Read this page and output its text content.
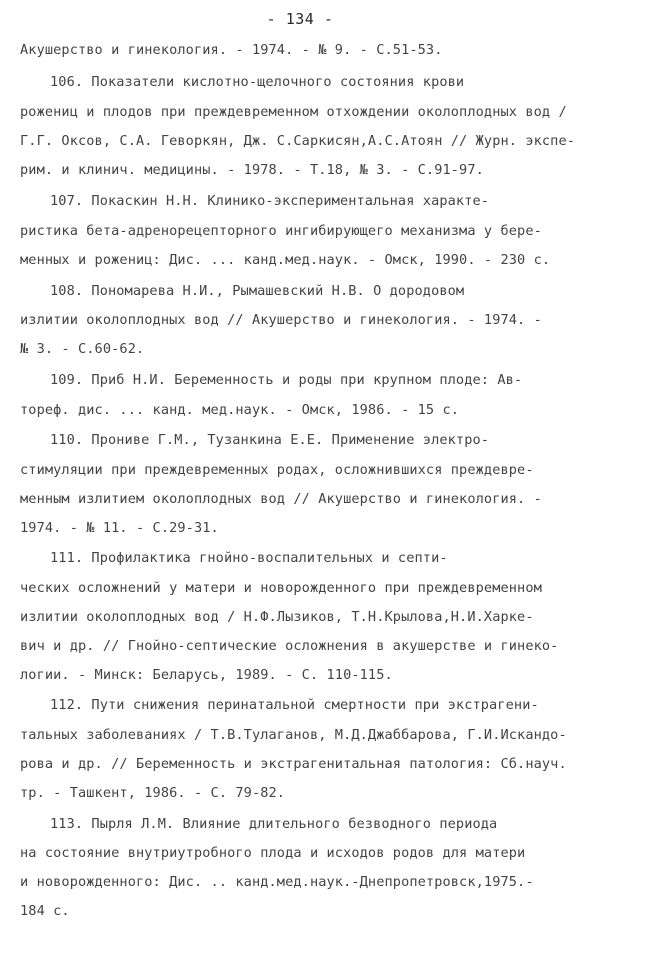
- 134 -
Акушерство и гинекология. - 1974. - № 9. - С.51-53.
106. Показатели кислотно-щелочного состояния крови
рожениц и плодов при преждевременном отхождении околоплодных вод /
Г.Г. Оксов, С.А. Геворкян, Дж. С.Саркисян,А.С.Атоян // Журн. экспе-
рим. и клинич. медицины. - 1978. - Т.18, № 3. - С.91-97.
107. Покаскин Н.Н. Клинико-экспериментальная характе-
ристика бета-адренорецепторного ингибирующего механизма у бере-
менных и рожениц: Дис. ... канд.мед.наук. - Омск, 1990. - 230 с.
108. Пономарева Н.И., Рымашевский Н.В. О дородовом
излитии околоплодных вод // Акушерство и гинекология. - 1974. -
№ 3. - С.60-62.
109. Приб Н.И. Беременность и роды при крупном плоде: Ав-
тореф. дис. ... канд. мед.наук. - Омск, 1986. - 15 с.
110. Прониве Г.М., Тузанкина Е.Е. Применение электро-
стимуляции при преждевременных родах, осложнившихся преждевре-
менным излитием околоплодных вод // Акушерство и гинекология. -
1974. - № 11. - С.29-31.
111. Профилактика гнойно-воспалительных и септи-
ческих осложнений у матери и новорожденного при преждевременном
излитии околоплодных вод / Н.Ф.Лызиков, Т.Н.Крылова,Н.И.Харке-
вич и др. // Гнойно-септические осложнения в акушерстве и гинеко-
логии. - Минск: Беларусь, 1989. - С. 110-115.
112. Пути снижения перинатальной смертности при экстрагени-
тальных заболеваниях / Т.В.Тулаганов, М.Д.Джаббарова, Г.И.Искандо-
рова и др. // Беременность и экстрагенитальная патология: Сб.науч.
тр. - Ташкент, 1986. - С. 79-82.
113. Пырля Л.М. Влияние длительного безводного периода
на состояние внутриутробного плода и исходов родов для матери
и новорожденного: Дис. .. канд.мед.наук.-Днепропетровск,1975.-
184 с.
